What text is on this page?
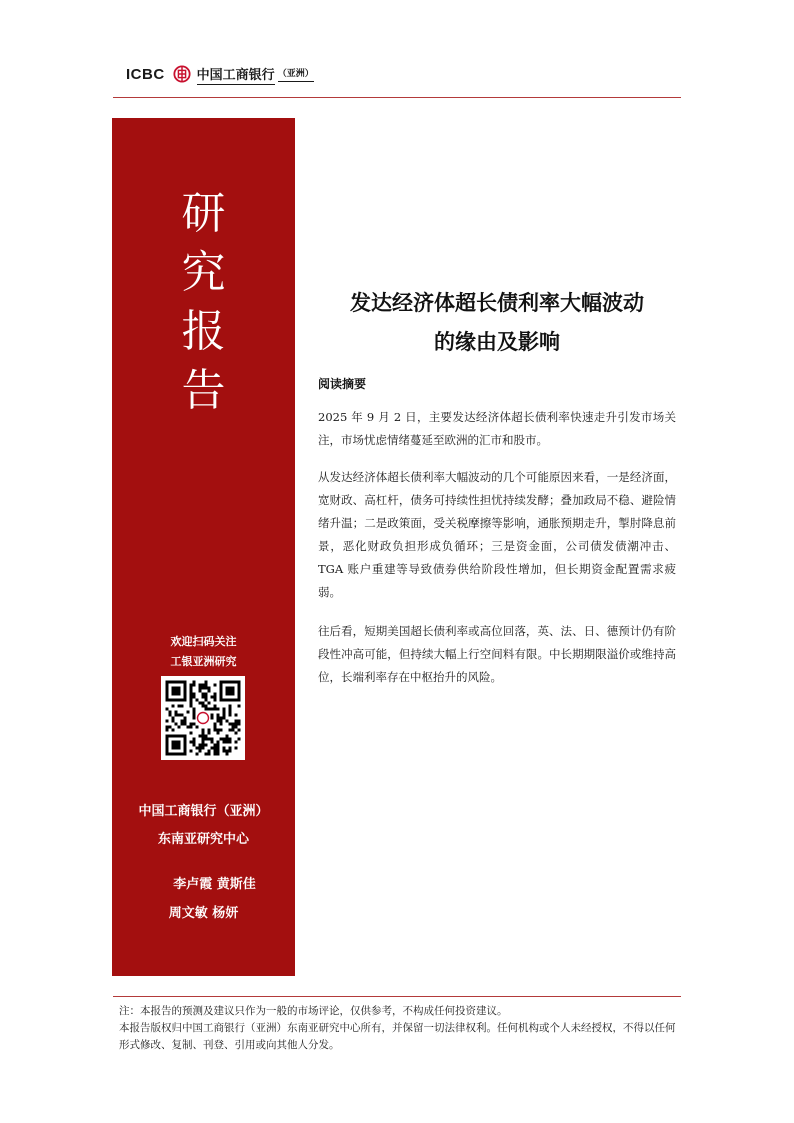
ICBC 中国工商银行 （亚洲）
研
究
报
告
欢迎扫码关注
工银亚洲研究
中国工商银行（亚洲）
东南亚研究中心
李卢霞 黄斯佳
周文敏 杨妍
发达经济体超长债利率大幅波动
的缘由及影响
阅读摘要
2025 年 9 月 2 日，主要发达经济体超长债利率快速走升引发市场关注，市场忧虑情绪蔓延至欧洲的汇市和股市。
从发达经济体超长债利率大幅波动的几个可能原因来看，一是经济面，宽财政、高杠杆，债务可持续性担忧持续发酵；叠加政局不稳、避险情绪升温；二是政策面，受关税摩擦等影响，通胀预期走升，掣肘降息前景，恶化财政负担形成负循环；三是资金面，公司债发债潮冲击、TGA 账户重建等导致债券供给阶段性增加，但长期资金配置需求疲弱。
往后看，短期美国超长债利率或高位回落，英、法、日、德预计仍有阶段性冲高可能，但持续大幅上行空间料有限。中长期期限溢价或维持高位，长端利率存在中枢抬升的风险。
注：本报告的预测及建议只作为一般的市场评论，仅供参考，不构成任何投资建议。
本报告版权归中国工商银行（亚洲）东南亚研究中心所有，并保留一切法律权利。任何机构或个人未经授权，不得以任何形式修改、复制、刊登、引用或向其他人分发。
